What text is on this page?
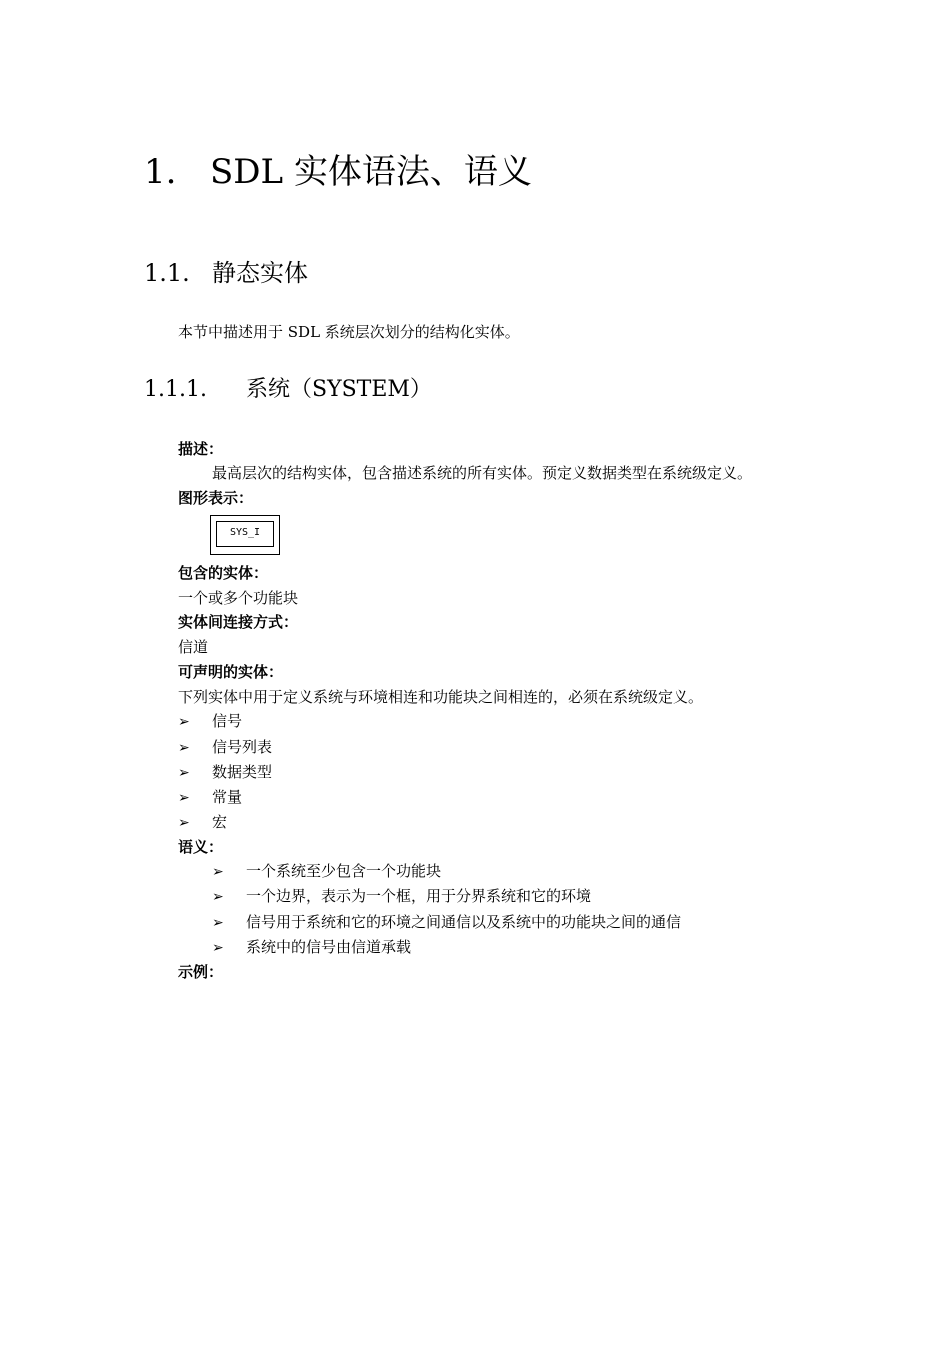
1. SDL 实体语法、语义
1.1. 静态实体
本节中描述用于 SDL 系统层次划分的结构化实体。
1.1.1. 系统（SYSTEM）
描述：
最高层次的结构实体，包含描述系统的所有实体。预定义数据类型在系统级定义。
图形表示：
SYS_I
包含的实体：
一个或多个功能块
实体间连接方式：
信道
可声明的实体：
下列实体中用于定义系统与环境相连和功能块之间相连的，必须在系统级定义。
➢ 信号
➢ 信号列表
➢ 数据类型
➢ 常量
➢ 宏
语义：
➢ 一个系统至少包含一个功能块
➢ 一个边界，表示为一个框，用于分界系统和它的环境
➢ 信号用于系统和它的环境之间通信以及系统中的功能块之间的通信
➢ 系统中的信号由信道承载
示例：
